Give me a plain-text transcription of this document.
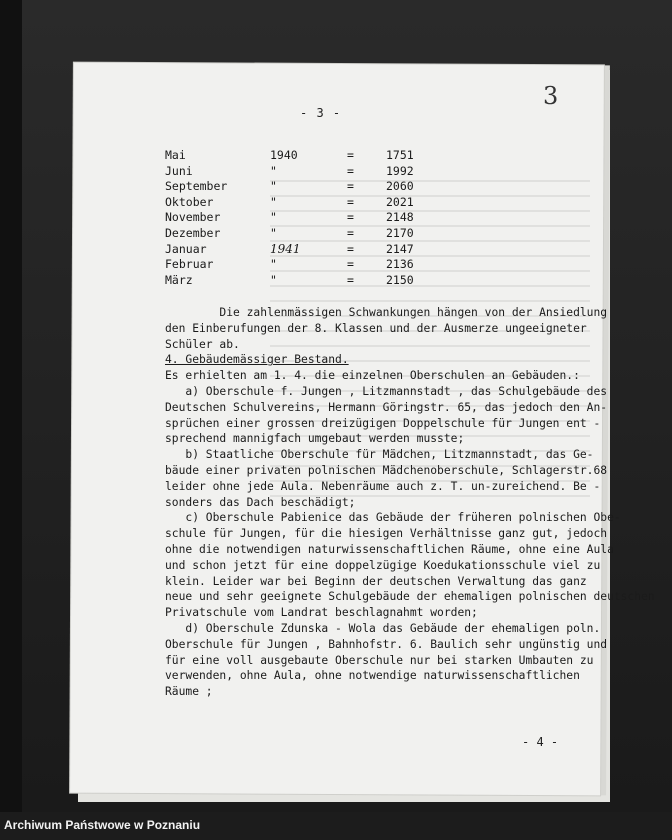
3
- 3 -
Mai	1940	=	1751
Juni	"	=	1992
September	"	=	2060
Oktober	"	=	2021
November	"	=	2148
Dezember	"	=	2170
Januar	1941	=	2147
Februar	"	=	2136
März	"	=	2150

Die zahlenmässigen Schwankungen hängen von der Ansiedlung

den Einberufungen der 8. Klassen und der Ausmerze ungeeigneter

Schüler ab.

4. Gebäudemässiger Bestand.

Es erhielten am 1. 4. die einzelnen Oberschulen an Gebäuden.:

a) Oberschule f. Jungen , Litzmannstadt , das Schulgebäude des

Deutschen Schulvereins, Hermann Göringstr. 65, das jedoch den An-

sprüchen einer grossen dreizügigen Doppelschule für Jungen ent -

sprechend mannigfach umgebaut werden musste;

b) Staatliche Oberschule für Mädchen, Litzmannstadt, das Ge-

bäude einer privaten polnischen Mädchenoberschule, Schlagerstr.68

leider ohne jede Aula. Nebenräume auch z. T. un-zureichend. Be -

sonders das Dach beschädigt;

c) Oberschule Pabienice das Gebäude der früheren polnischen Obe-

schule für Jungen, für die hiesigen Verhältnisse ganz gut, jedoch

ohne die notwendigen naturwissenschaftlichen Räume, ohne eine Aula

und schon jetzt für eine doppelzügige Koedukationsschule viel zu

klein. Leider war bei Beginn der deutschen Verwaltung das ganz

neue und sehr geeignete Schulgebäude der ehemaligen polnischen deutschen

Privatschule vom Landrat beschlagnahmt worden;

d) Oberschule Zdunska - Wola das Gebäude der ehemaligen poln.

Oberschule für Jungen , Bahnhofstr. 6. Baulich sehr ungünstig und

für eine voll ausgebaute Oberschule nur bei starken Umbauten zu

verwenden, ohne Aula, ohne notwendige naturwissenschaftlichen

Räume ;

- 4 -
Archiwum Państwowe w Poznaniu
